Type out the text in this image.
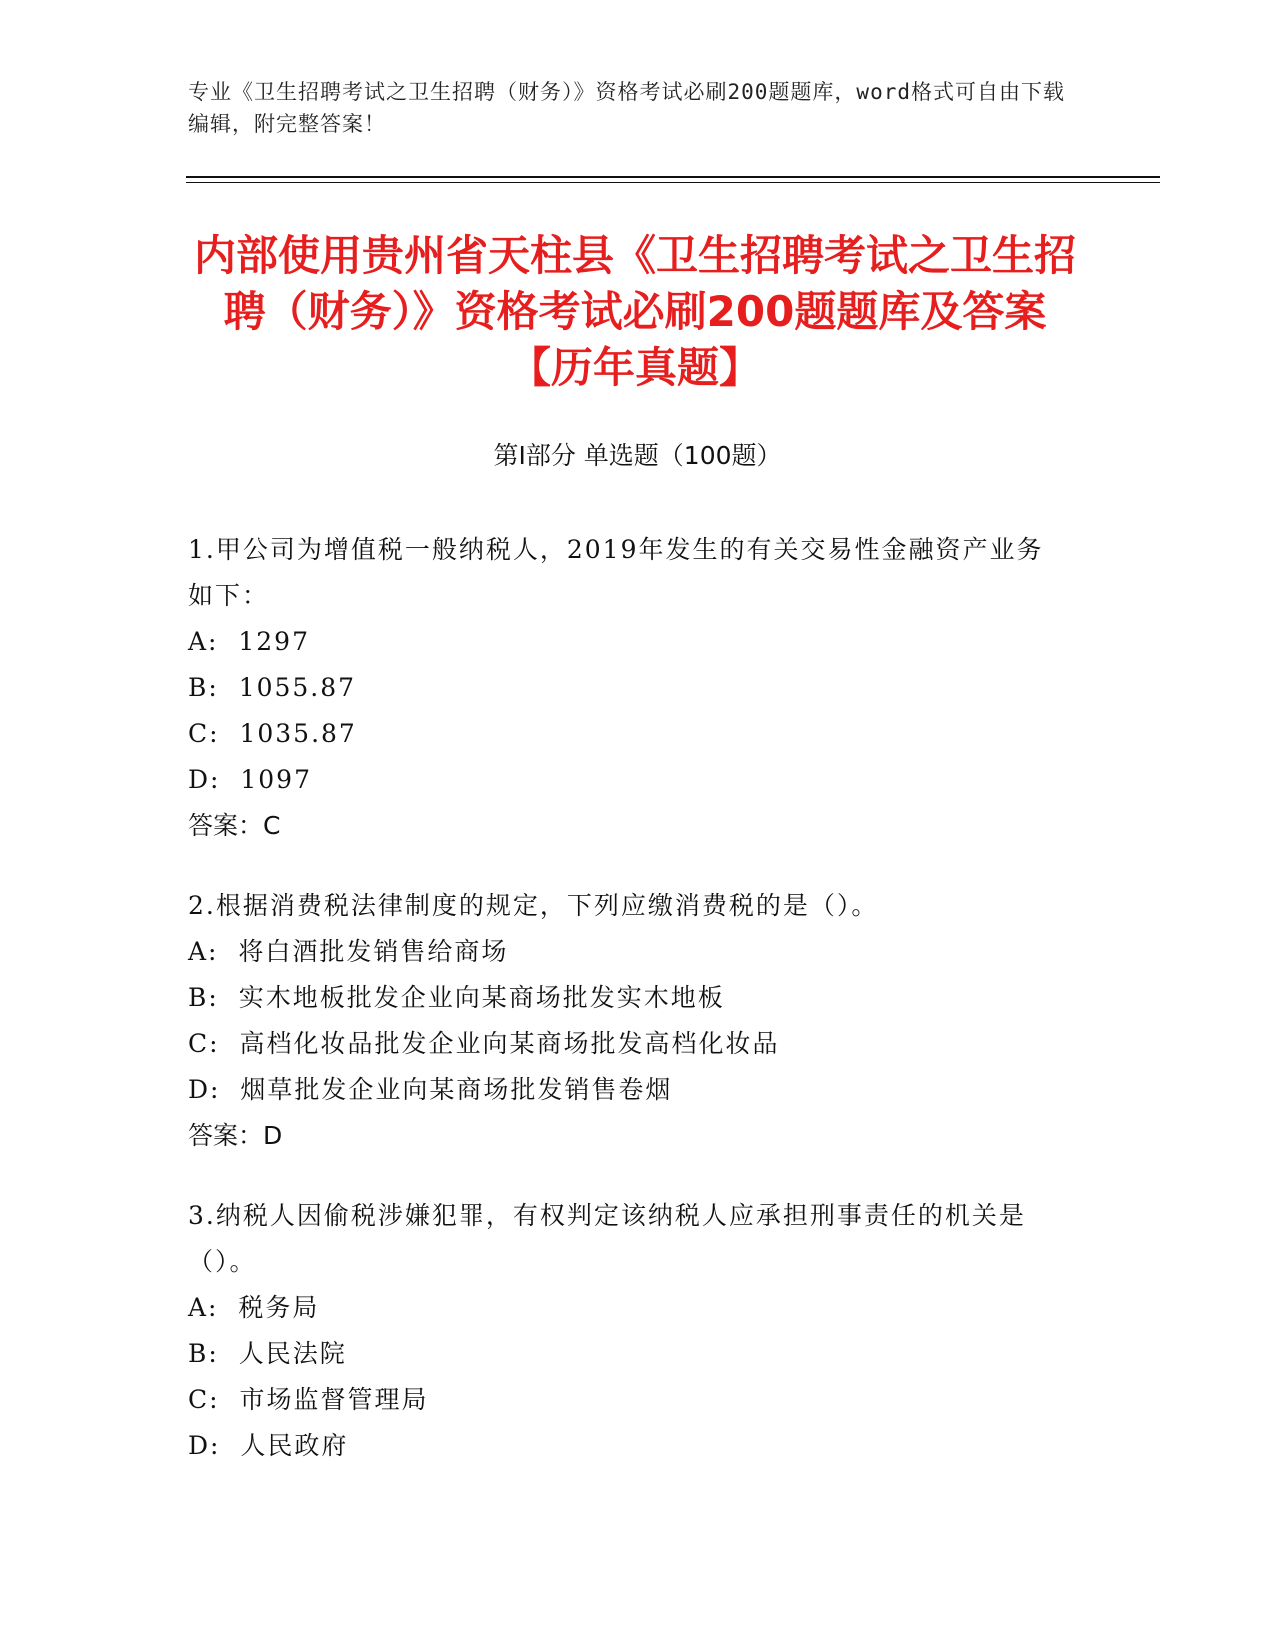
专业《卫生招聘考试之卫生招聘（财务）》资格考试必刷200题题库，word格式可自由下载编辑，附完整答案！
内部使用贵州省天柱县《卫生招聘考试之卫生招聘（财务）》资格考试必刷200题题库及答案【历年真题】
第I部分 单选题（100题）

1.甲公司为增值税一般纳税人，2019年发生的有关交易性金融资产业务如下：

A:  1297

B:  1055.87

C:  1035.87

D:  1097

答案：C

2.根据消费税法律制度的规定，下列应缴消费税的是（）。

A:  将白酒批发销售给商场

B:  实木地板批发企业向某商场批发实木地板

C:  高档化妆品批发企业向某商场批发高档化妆品

D:  烟草批发企业向某商场批发销售卷烟

答案：D

3.纳税人因偷税涉嫌犯罪，有权判定该纳税人应承担刑事责任的机关是（）。

A:  税务局

B:  人民法院

C:  市场监督管理局

D:  人民政府
